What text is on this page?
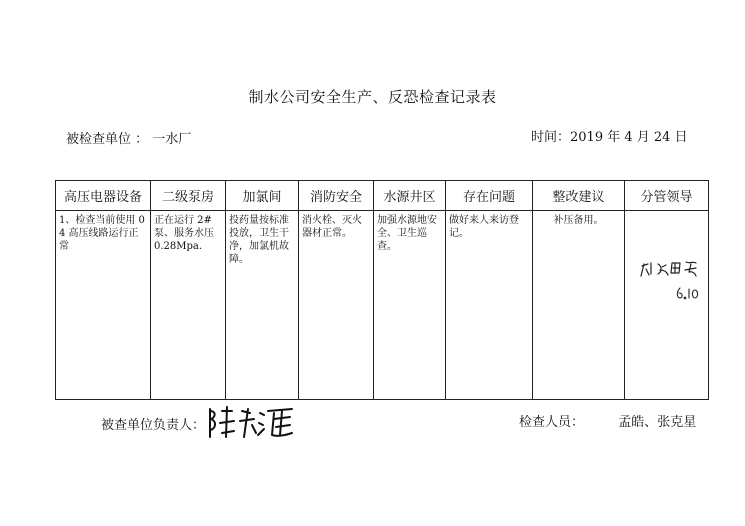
制水公司安全生产、反恐检查记录表
被检查单位 ： 一水厂	时间：2019 年 4 月 24 日
高压电器设备	二级泵房	加氯间	消防安全	水源井区	存在问题	整改建议	分管领导
1、检查当前使用 04 高压线路运行正常	正在运行 2# 泵、服务水压 0.28Mpa.	投药量按标准投放，卫生干净，加氯机故障。	消火栓、灭火器材正常。	加强水源地安全、卫生巡查。	做好来人来访登记。	补压备用。	
被查单位负责人：	检查人员：	孟皓、张克星
